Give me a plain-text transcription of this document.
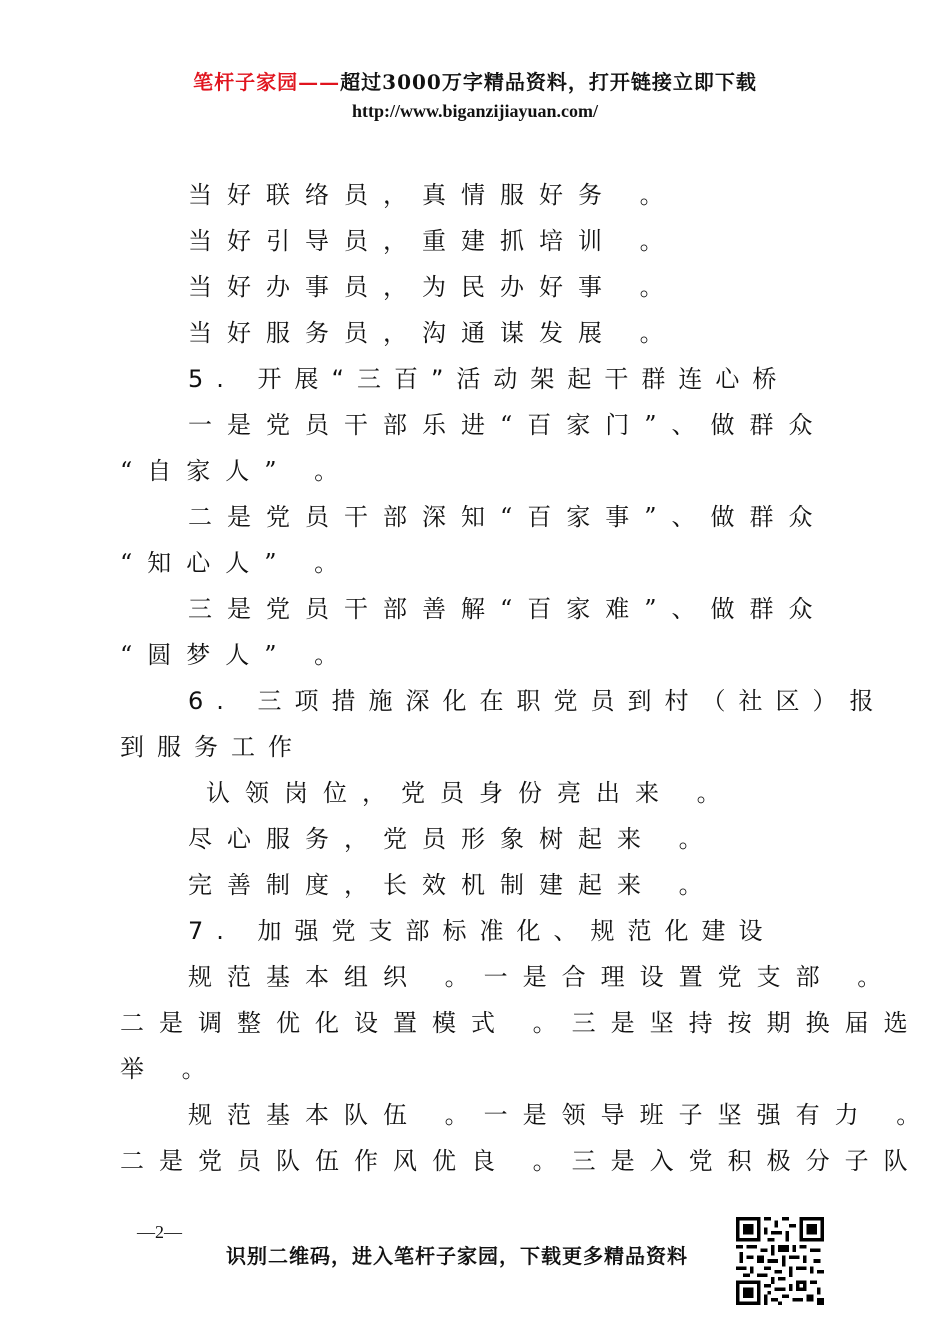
笔杆子家园——超过3000万字精品资料，打开链接立即下载
http://www.biganzijiayuan.com/

当好联络员，真情服好务 。

当好引导员，重建抓培训 。

当好办事员，为民办好事 。

当好服务员，沟通谋发展 。

5. 开展“三百”活动架起干群连心桥

一是党员干部乐进“百家门”、做群众

“自家人” 。

二是党员干部深知“百家事”、做群众

“知心人” 。

三是党员干部善解“百家难”、做群众

“圆梦人” 。

6. 三项措施深化在职党员到村（社区）报

到服务工作

认领岗位，党员身份亮出来 。

尽心服务，党员形象树起来 。

完善制度，长效机制建起来 。

7. 加强党支部标准化、规范化建设

规范基本组织 。一是合理设置党支部 。

二是调整优化设置模式 。三是坚持按期换届选

举 。

规范基本队伍 。一是领导班子坚强有力 。

二是党员队伍作风优良 。三是入党积极分子队

—2—
识别二维码，进入笔杆子家园，下载更多精品资料
